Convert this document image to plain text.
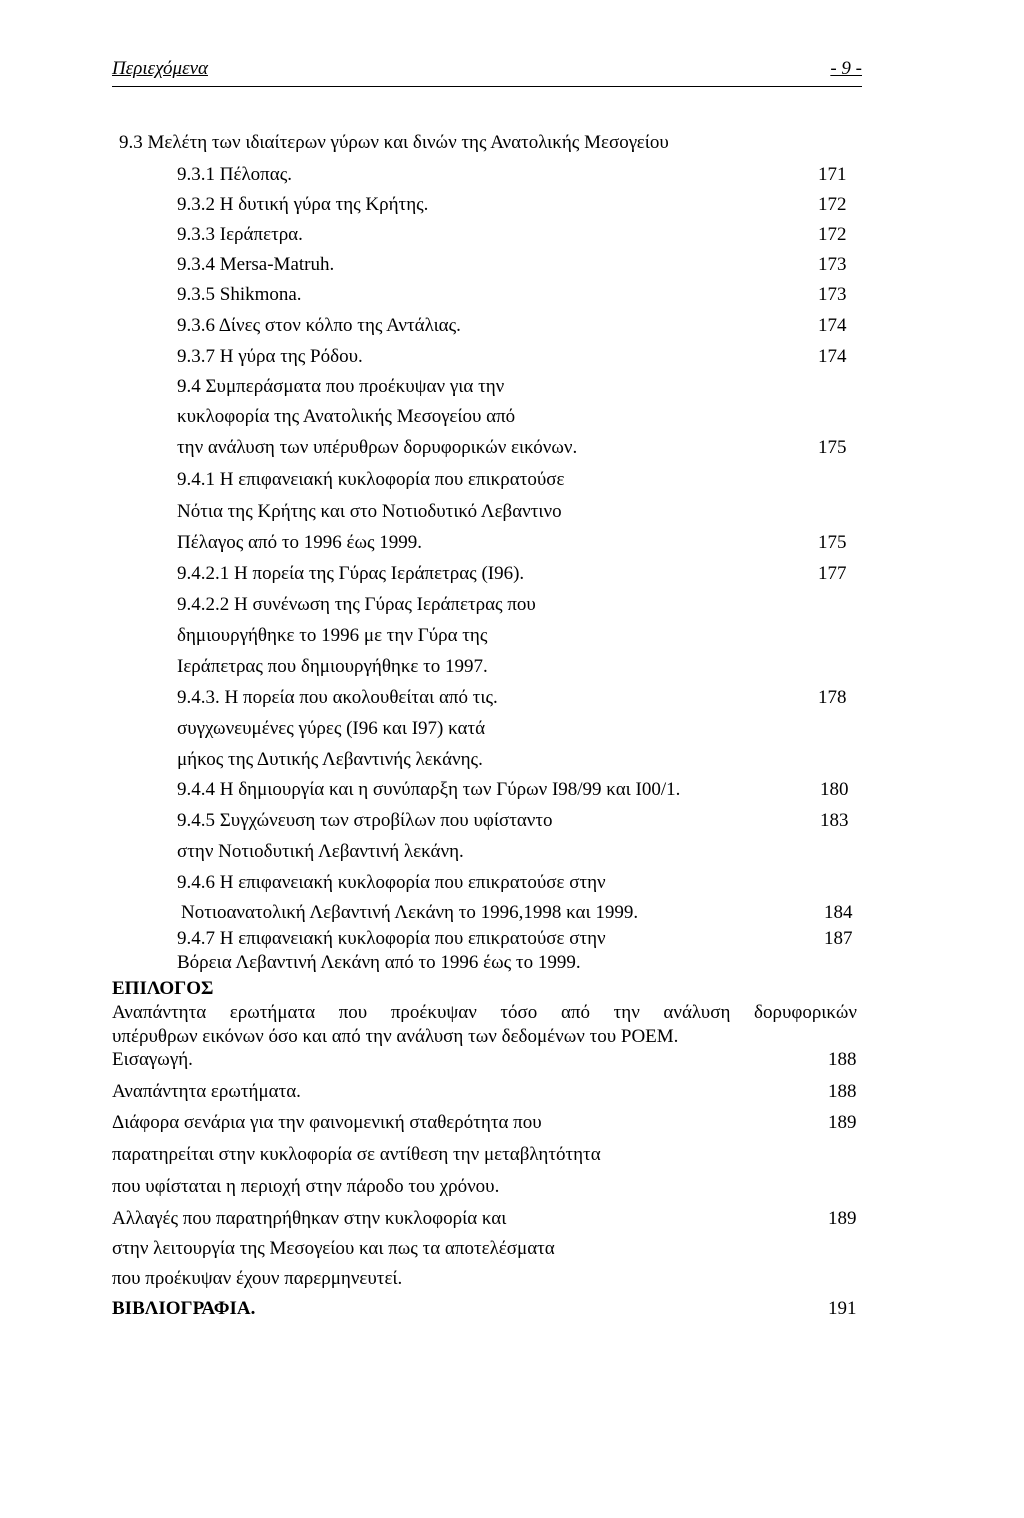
Περιεχόμενα	- 9 -
9.3 Μελέτη των ιδιαίτερων γύρων και δινών της Ανατολικής Μεσογείου
9.3.1 Πέλοπας.	171
9.3.2 Η δυτική γύρα της Κρήτης.	172
9.3.3 Ιεράπετρα.	172
9.3.4 Mersa-Matruh.	173
9.3.5 Shikmona.	173
9.3.6 Δίνες στον κόλπο της Αντάλιας.	174
9.3.7 Η γύρα της Ρόδου.	174
9.4 Συμπεράσματα που προέκυψαν για την
κυκλοφορία της Ανατολικής Μεσογείου από
την ανάλυση των υπέρυθρων δορυφορικών εικόνων.	175
9.4.1 Η επιφανειακή κυκλοφορία που επικρατούσε
Νότια της Κρήτης και στο Νοτιοδυτικό Λεβαντινο
Πέλαγος από το 1996 έως 1999.	175
9.4.2.1 Η πορεία της Γύρας Ιεράπετρας (Ι96).	177
9.4.2.2 Η συνένωση της Γύρας Ιεράπετρας που
δημιουργήθηκε το 1996 με την Γύρα της
Ιεράπετρας που δημιουργήθηκε το 1997.
9.4.3. Η πορεία που ακολουθείται από τις.	178
συγχωνευμένες γύρες (Ι96 και Ι97) κατά
μήκος της Δυτικής Λεβαντινής λεκάνης.
9.4.4 Η δημιουργία και η συνύπαρξη των Γύρων Ι98/99 και Ι00/1.	180
9.4.5 Συγχώνευση των στροβίλων που υφίσταντο	183
στην Νοτιοδυτική Λεβαντινή λεκάνη.
9.4.6 Η επιφανειακή κυκλοφορία που επικρατούσε στην
Νοτιοανατολική Λεβαντινή Λεκάνη το 1996,1998 και 1999.	184
9.4.7 Η επιφανειακή κυκλοφορία που επικρατούσε στην	187
Βόρεια Λεβαντινή Λεκάνη από το 1996 έως το 1999.
ΕΠΙΛΟΓΟΣ
Αναπάντητα ερωτήματα που προέκυψαν τόσο από την ανάλυση δορυφορικών
υπέρυθρων εικόνων όσο και από την ανάλυση των δεδομένων του POEM.
Εισαγωγή.	188
Αναπάντητα ερωτήματα.	188
Διάφορα σενάρια για την φαινομενική σταθερότητα που	189
παρατηρείται στην κυκλοφορία σε αντίθεση την μεταβλητότητα
που υφίσταται η περιοχή στην πάροδο του χρόνου.
Αλλαγές που παρατηρήθηκαν στην κυκλοφορία και	189
στην λειτουργία της Μεσογείου και πως τα αποτελέσματα
που προέκυψαν έχουν παρερμηνευτεί.
ΒΙΒΛΙΟΓΡΑΦΙΑ.	191
